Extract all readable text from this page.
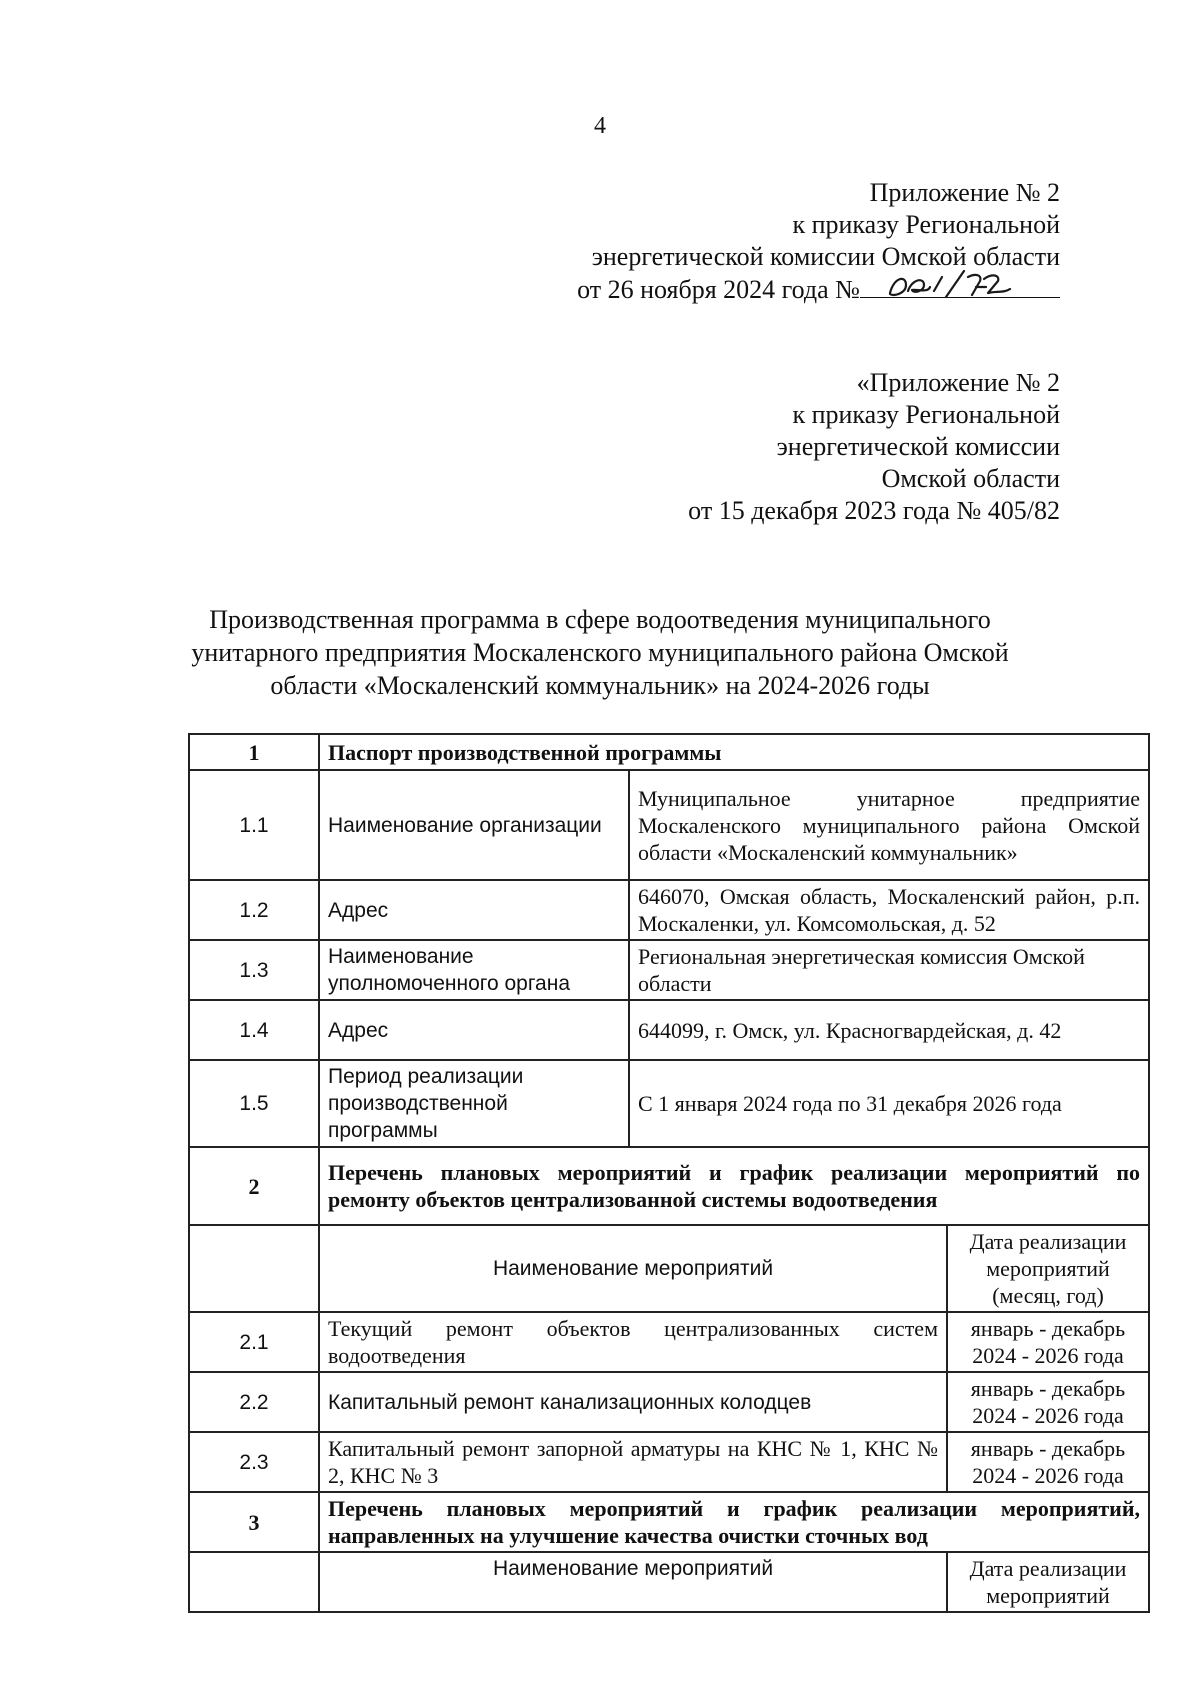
4
Приложение № 2
к приказу Региональной
энергетической комиссии Омской области
от 26 ноября 2024 года №
«Приложение № 2
к приказу Региональной
энергетической комиссии
Омской области
от 15 декабря 2023 года № 405/82
Производственная программа в сфере водоотведения муниципального
унитарного предприятия Москаленского муниципального района Омской
области «Москаленский коммунальник» на 2024-2026 годы
1	Паспорт производственной программы		
1.1	Наименование организации	Муниципальное унитарное предприятие Москаленского муниципального района Омской области «Москаленский коммунальник»	
1.2	Адрес	646070, Омская область, Москаленский район, р.п. Москаленки, ул. Комсомольская, д. 52	
1.3	Наименование уполномоченного органа	Региональная энергетическая комиссия Омской области	
1.4	Адрес	644099, г. Омск, ул. Красногвардейская, д. 42	
1.5	Период реализации производственной программы	С 1 января 2024 года по 31 декабря 2026 года	
2	Перечень плановых мероприятий и график реализации мероприятий по ремонту объектов централизованной системы водоотведения		
	Наименование мероприятий		Дата реализации мероприятий (месяц, год)
2.1	Текущий ремонт объектов централизованных систем водоотведения		январь - декабрь 2024 - 2026 года
2.2	Капитальный ремонт канализационных колодцев		январь - декабрь 2024 - 2026 года
2.3	Капитальный ремонт запорной арматуры на КНС № 1, КНС № 2, КНС № 3		январь - декабрь 2024 - 2026 года
3	Перечень плановых мероприятий и график реализации мероприятий, направленных на улучшение качества очистки сточных вод		
	Наименование мероприятий		Дата реализации мероприятий
